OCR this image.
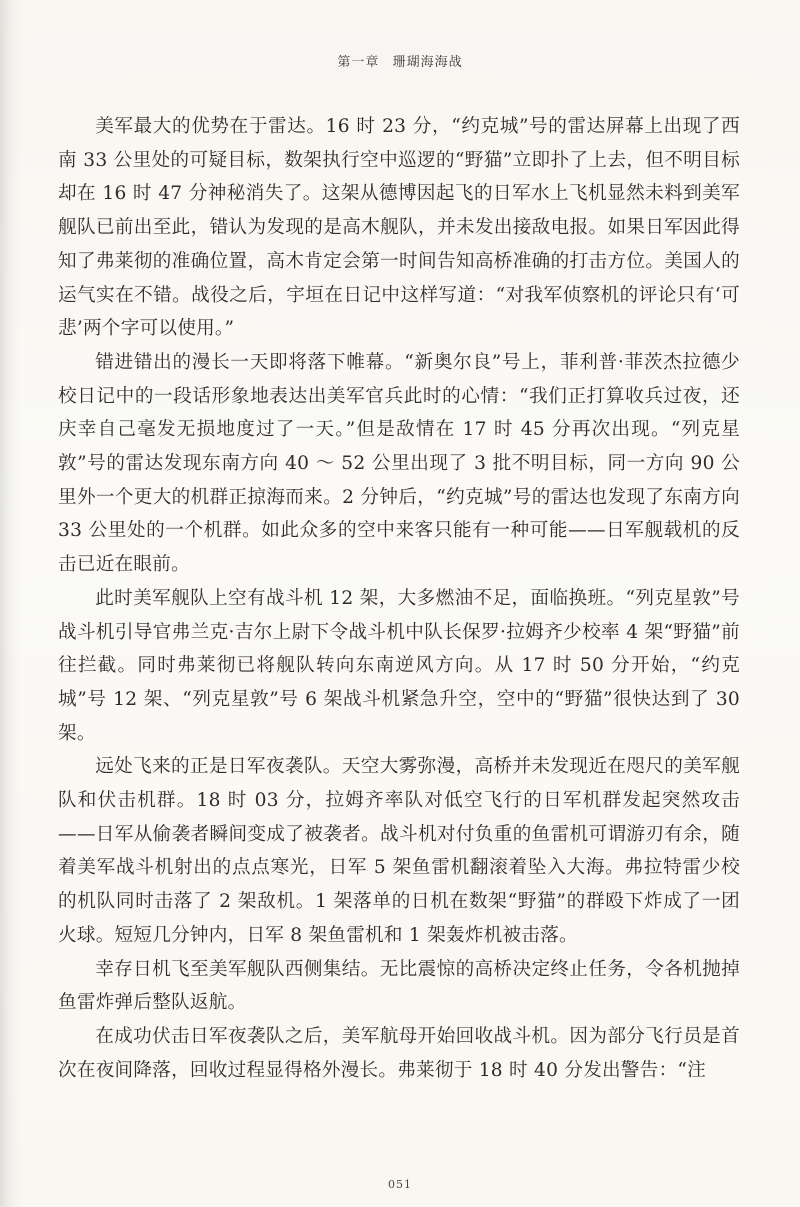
第一章 珊瑚海海战

美军最大的优势在于雷达。16 时 23 分，“约克城”号的雷达屏幕上出现了西南 33 公里处的可疑目标，数架执行空中巡逻的“野猫”立即扑了上去，但不明目标却在 16 时 47 分神秘消失了。这架从德博因起飞的日军水上飞机显然未料到美军舰队已前出至此，错认为发现的是高木舰队，并未发出接敌电报。如果日军因此得知了弗莱彻的准确位置，高木肯定会第一时间告知高桥准确的打击方位。美国人的运气实在不错。战役之后，宇垣在日记中这样写道：“对我军侦察机的评论只有‘可悲’两个字可以使用。”

错进错出的漫长一天即将落下帷幕。“新奥尔良”号上，菲利普·菲茨杰拉德少校日记中的一段话形象地表达出美军官兵此时的心情：“我们正打算收兵过夜，还庆幸自己毫发无损地度过了一天。”但是敌情在 17 时 45 分再次出现。“列克星敦”号的雷达发现东南方向 40 ～ 52 公里出现了 3 批不明目标，同一方向 90 公里外一个更大的机群正掠海而来。2 分钟后，“约克城”号的雷达也发现了东南方向 33 公里处的一个机群。如此众多的空中来客只能有一种可能——日军舰载机的反击已近在眼前。

此时美军舰队上空有战斗机 12 架，大多燃油不足，面临换班。“列克星敦”号战斗机引导官弗兰克·吉尔上尉下令战斗机中队长保罗·拉姆齐少校率 4 架“野猫”前往拦截。同时弗莱彻已将舰队转向东南逆风方向。从 17 时 50 分开始，“约克城”号 12 架、“列克星敦”号 6 架战斗机紧急升空，空中的“野猫”很快达到了 30 架。

远处飞来的正是日军夜袭队。天空大雾弥漫，高桥并未发现近在咫尺的美军舰队和伏击机群。18 时 03 分，拉姆齐率队对低空飞行的日军机群发起突然攻击——日军从偷袭者瞬间变成了被袭者。战斗机对付负重的鱼雷机可谓游刃有余，随着美军战斗机射出的点点寒光，日军 5 架鱼雷机翻滚着坠入大海。弗拉特雷少校的机队同时击落了 2 架敌机。1 架落单的日机在数架“野猫”的群殴下炸成了一团火球。短短几分钟内，日军 8 架鱼雷机和 1 架轰炸机被击落。

幸存日机飞至美军舰队西侧集结。无比震惊的高桥决定终止任务，令各机抛掉鱼雷炸弹后整队返航。

在成功伏击日军夜袭队之后，美军航母开始回收战斗机。因为部分飞行员是首次在夜间降落，回收过程显得格外漫长。弗莱彻于 18 时 40 分发出警告：“注

051
